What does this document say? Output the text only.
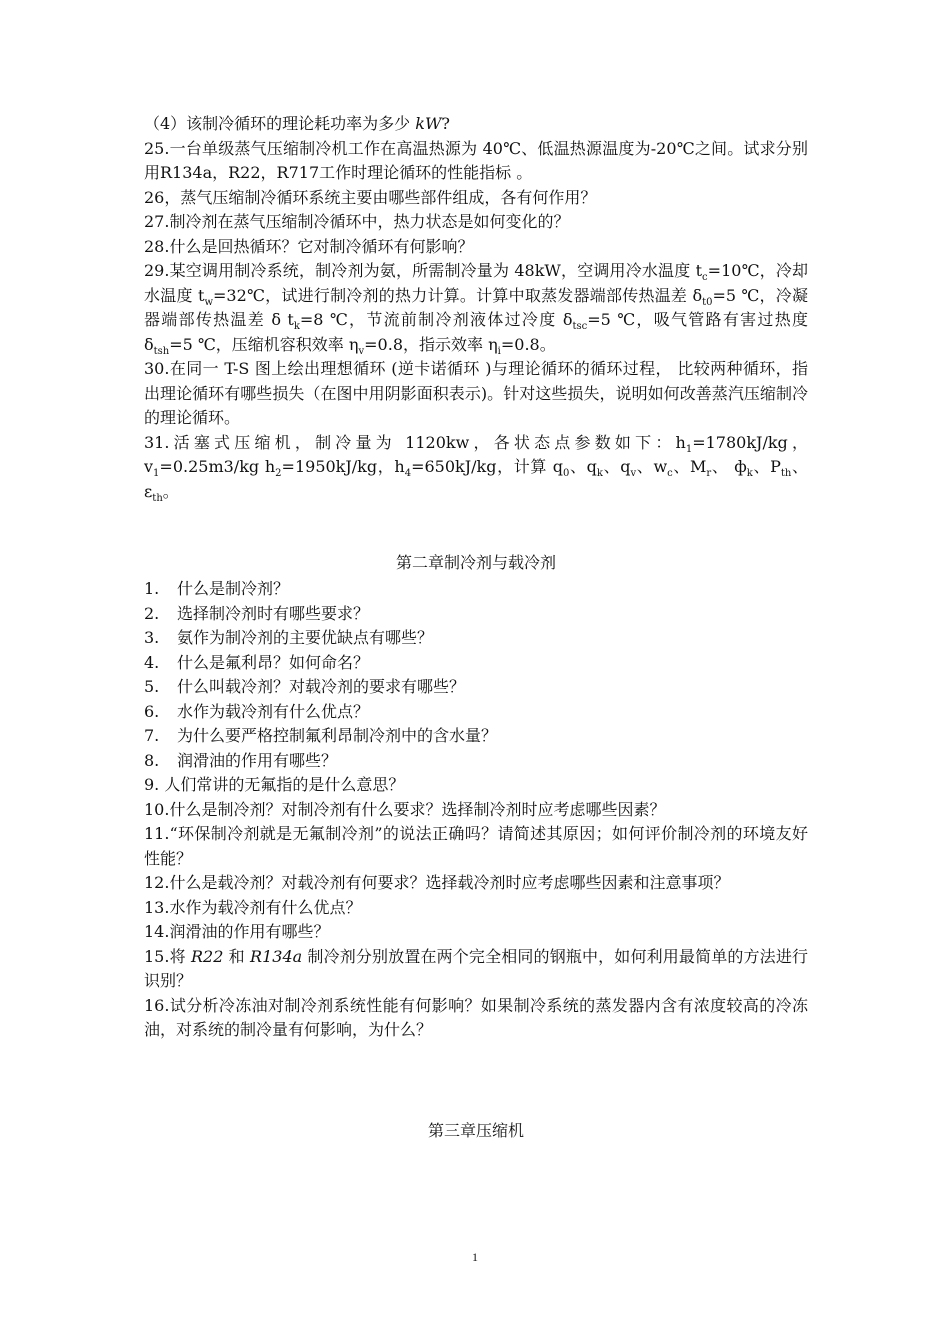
（4）该制冷循环的理论耗功率为多少 kW?

25.一台单级蒸气压缩制冷机工作在高温热源为 40℃、低温热源温度为-20℃之间。试求分别用R134a，R22，R717工作时理论循环的性能指标 。

26，蒸气压缩制冷循环系统主要由哪些部件组成，各有何作用？

27.制冷剂在蒸气压缩制冷循环中，热力状态是如何变化的？

28.什么是回热循环？它对制冷循环有何影响？

29.某空调用制冷系统，制冷剂为氨，所需制冷量为 48kW，空调用冷水温度 $t_c=10℃$，冷却水温度 $t_w=32℃$，试进行制冷剂的热力计算。计算中取蒸发器端部传热温差 $\delta_{t0}=5$ ℃，冷凝器端部传热温差 δ $t_k=8$ ℃，节流前制冷剂液体过冷度 $\delta_{tsc}=5$ ℃，吸气管路有害过热度 $\delta_{tsh}=5$ ℃，压缩机容积效率 $\eta_v=0.8$，指示效率 $\eta_i=0.8$。

30.在同一 T-S 图上绘出理想循环 (逆卡诺循环 )与理论循环的循环过程， 比较两种循环，指出理论循环有哪些损失（在图中用阴影面积表示)。针对这些损失，说明如何改善蒸汽压缩制冷的理论循环。

31.活塞式压缩机，制冷量为 1120kw，各状态点参数如下：$h_1=1780kJ/kg$， $v_1=0.25m3/kg$ $h_2=1950kJ/kg$，$h_4=650kJ/kg$，计算 $q_0$、$q_k$、$q_v$、$w_c$、$M_r$、 $ф_k$、$P_{th}$、$\varepsilon_{th}$。

第二章制冷剂与载冷剂

1. 什么是制冷剂？
2. 选择制冷剂时有哪些要求？
3. 氨作为制冷剂的主要优缺点有哪些？
4. 什么是氟利昂？如何命名？
5. 什么叫载冷剂？对载冷剂的要求有哪些？
6. 水作为载冷剂有什么优点？
7. 为什么要严格控制氟利昂制冷剂中的含水量？
8. 润滑油的作用有哪些？

9. 人们常讲的无氟指的是什么意思？

10.什么是制冷剂？对制冷剂有什么要求？选择制冷剂时应考虑哪些因素？

11.“环保制冷剂就是无氟制冷剂”的说法正确吗？请简述其原因；如何评价制冷剂的环境友好性能？

12.什么是载冷剂？对载冷剂有何要求？选择载冷剂时应考虑哪些因素和注意事项？

13.水作为载冷剂有什么优点？

14.润滑油的作用有哪些？

15.将 R22 和 R134a 制冷剂分别放置在两个完全相同的钢瓶中，如何利用最简单的方法进行识别？

16.试分析冷冻油对制冷剂系统性能有何影响？如果制冷系统的蒸发器内含有浓度较高的冷冻油，对系统的制冷量有何影响，为什么？

第三章压缩机

1
